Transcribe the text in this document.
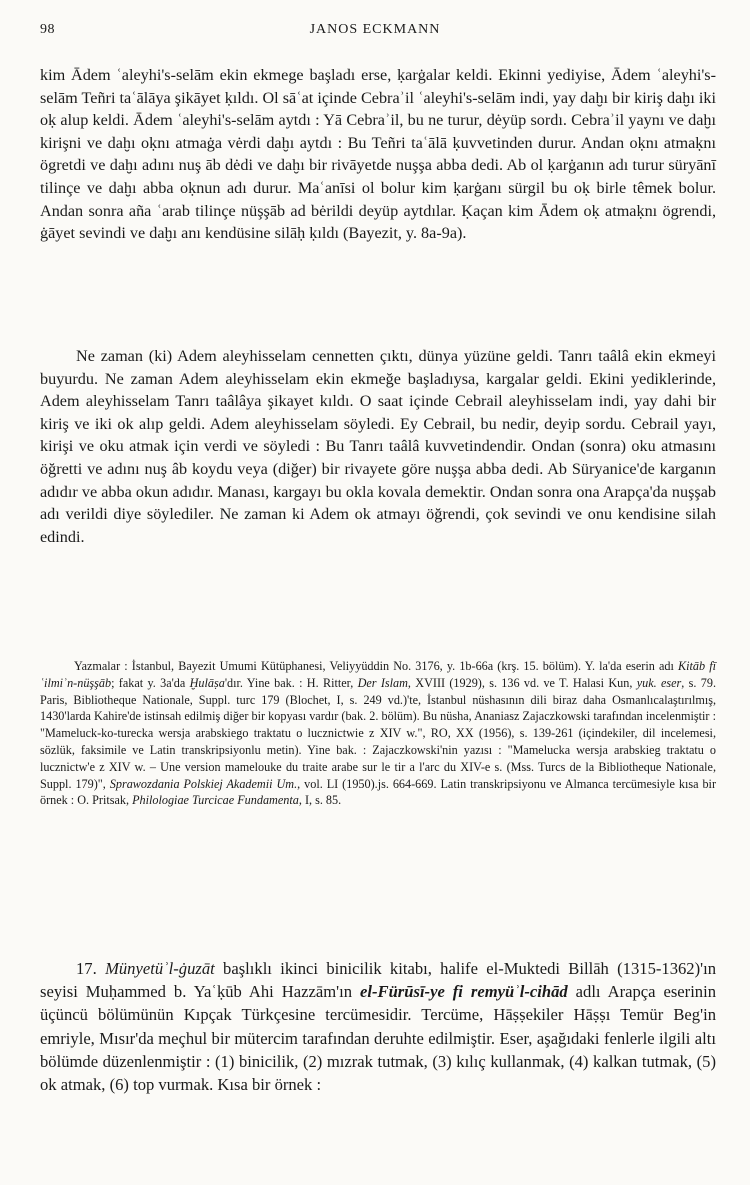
98	JANOS ECKMANN

kim Ādem ʿaleyhi's-selām ekin ekmege başladı erse, ḳarġalar keldi. Ekinni yediyise, Ādem ʿaleyhi's-selām Teñri taʿālāya şikāyet ḳıldı. Ol sāʿat içinde Cebraʾil ʿaleyhi's-selām indi, yay daḫı bir kiriş daḫı iki oḳ alup keldi. Ādem ʿaleyhi's-selām aytdı : Yā Cebraʾil, bu ne turur, dėyüp sordı. Cebraʾil yaynı ve daḫı kirişni ve daḫı oḳnı atmaġa vėrdi daḫı aytdı : Bu Teñri taʿālā ḳuvvetinden durur. Andan oḳnı atmaḳnı ögretdi ve daḫı adını nuş āb dėdi ve daḫı bir rivāyetde nuşşa abba dedi. Ab ol ḳarġanın adı turur süryānī tilinçe ve daḫı abba oḳnun adı durur. Maʿanīsi ol bolur kim ḳarġanı sürgil bu oḳ birle têmek bolur. Andan sonra aña ʿarab tilinçe nüşşāb ad bėrildi deyüp aytdılar. Ḳaçan kim Ādem oḳ atmaḳnı ögrendi, ġāyet sevindi ve daḫı anı kendüsine silāḥ ḳıldı (Bayezit, y. 8a-9a).

Ne zaman (ki) Adem aleyhisselam cennetten çıktı, dünya yüzüne geldi. Tanrı taâlâ ekin ekmeyi buyurdu. Ne zaman Adem aleyhisselam ekin ekmeğe başladıysa, kargalar geldi. Ekini yediklerinde, Adem aleyhisselam Tanrı taâlâya şikayet kıldı. O saat içinde Cebrail aleyhisselam indi, yay dahi bir kiriş ve iki ok alıp geldi. Adem aleyhisselam söyledi. Ey Cebrail, bu nedir, deyip sordu. Cebrail yayı, kirişi ve oku atmak için verdi ve söyledi : Bu Tanrı taâlâ kuvvetindendir. Ondan (sonra) oku atmasını öğretti ve adını nuş âb koydu veya (diğer) bir rivayete göre nuşşa abba dedi. Ab Süryanice'de karganın adıdır ve abba okun adıdır. Manası, kargayı bu okla kovala demektir. Ondan sonra ona Arapça'da nuşşab adı verildi diye söylediler. Ne zaman ki Adem ok atmayı öğrendi, çok sevindi ve onu kendisine silah edindi.

Yazmalar : İstanbul, Bayezit Umumi Kütüphanesi, Veliyyüddin No. 3176, y. 1b-66a (krş. 15. bölüm). Y. la'da eserin adı Kitāb fī ʿilmiʾn-nüşşāb; fakat y. 3a'da Ḫulāṣa'dır. Yine bak. : H. Ritter, Der Islam, XVIII (1929), s. 136 vd. ve T. Halasi Kun, yuk. eser, s. 79. Paris, Bibliotheque Nationale, Suppl. turc 179 (Blochet, I, s. 249 vd.)'te, İstanbul nüshasının dili biraz daha Osmanlıcalaştırılmış, 1430'larda Kahire'de istinsah edilmiş diğer bir kopyası vardır (bak. 2. bölüm). Bu nüsha, Ananiasz Zajaczkowski tarafından incelenmiştir : "Mameluck-ko-turecka wersja arabskiego traktatu o lucznictwie z XIV w.", RO, XX (1956), s. 139-261 (içindekiler, dil incelemesi, sözlük, faksimile ve Latin transkripsiyonlu metin). Yine bak. : Zajaczkowski'nin yazısı : "Mamelucka wersja arabskieg traktatu o lucznictw'e z XIV w. – Une version mamelouke du traite arabe sur le tir a l'arc du XIV-e s. (Mss. Turcs de la Bibliotheque Nationale, Suppl. 179)", Sprawozdania Polskiej Akademii Um., vol. LI (1950).js. 664-669. Latin transkripsiyonu ve Almanca tercümesiyle kısa bir örnek : O. Pritsak, Philologiae Turcicae Fundamenta, I, s. 85.

17. Münyetüʾl-ġuzāt başlıklı ikinci binicilik kitabı, halife el-Muktedi Billāh (1315-1362)'ın seyisi Muḥammed b. Yaʿḳūb Ahi Hazzām'ın el-Fürūsī-ye fi remyüʾl-cihād adlı Arapça eserinin üçüncü bölümünün Kıpçak Türkçesine tercümesidir. Tercüme, Hāṣṣekiler Hāṣṣı Temür Beg'in emriyle, Mısır'da meçhul bir mütercim tarafından deruhte edilmiştir. Eser, aşağıdaki fenlerle ilgili altı bölümde düzenlenmiştir : (1) binicilik, (2) mızrak tutmak, (3) kılıç kullanmak, (4) kalkan tutmak, (5) ok atmak, (6) top vurmak. Kısa bir örnek :
